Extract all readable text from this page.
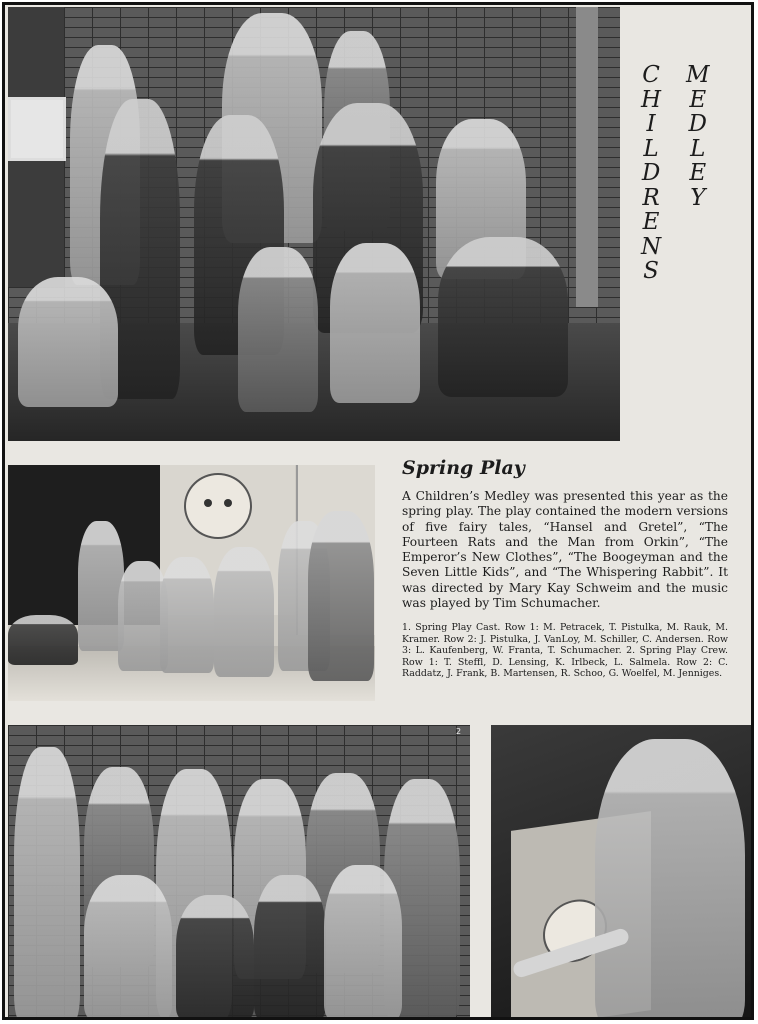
C
H
I
L
D
R
E
N
S
M
E
D
L
E
Y
Spring Play

A Children’s Medley was presented this year as the spring play. The play contained the modern versions of five fairy tales, “Hansel and Gretel”, “The Fourteen Rats and the Man from Orkin”, “The Emperor’s New Clothes”, “The Boogeyman and the Seven Little Kids”, and “The Whispering Rabbit”. It was directed by Mary Kay Schweim and the music was played by Tim Schumacher.

1. Spring Play Cast. Row 1: M. Petracek, T. Pistulka, M. Rauk, M. Kramer. Row 2: J. Pistulka, J. VanLoy, M. Schiller, C. Andersen. Row 3: L. Kaufenberg, W. Franta, T. Schumacher. 2. Spring Play Crew. Row 1: T. Steffl, D. Lensing, K. Irlbeck, L. Salmela. Row 2: C. Raddatz, J. Frank, B. Martensen, R. Schoo, G. Woelfel, M. Jenniges.

2
